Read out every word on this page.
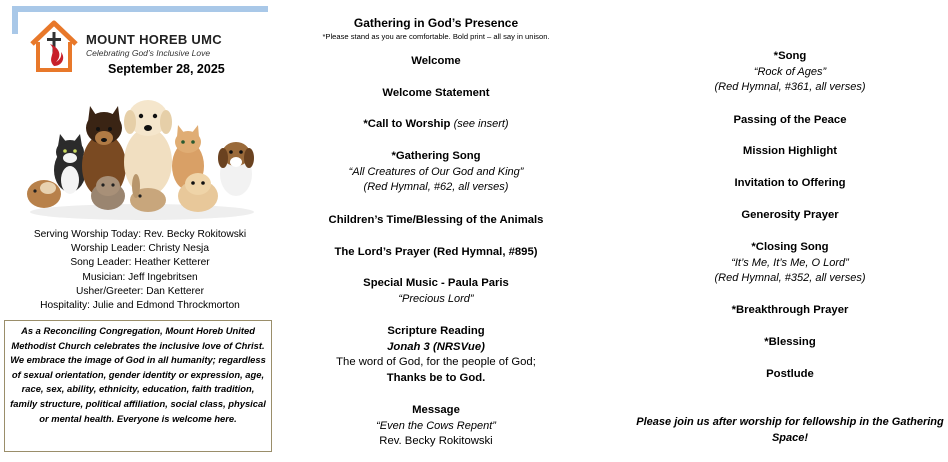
MOUNT HOREB UMC
Celebrating God’s Inclusive Love
September 28, 2025
Serving Worship Today: Rev. Becky Rokitowski
Worship Leader: Christy Nesja
Song Leader: Heather Ketterer
Musician: Jeff Ingebritsen
Usher/Greeter: Dan Ketterer
Hospitality: Julie and Edmond Throckmorton
As a Reconciling Congregation, Mount Horeb United Methodist Church celebrates the inclusive love of Christ. We embrace the image of God in all humanity; regardless of sexual orientation, gender identity or expression, age, race, sex, ability, ethnicity, education, faith tradition, family structure, political affiliation, social class, physical or mental health. Everyone is welcome here.
Gathering in God’s Presence
*Please stand as you are comfortable. Bold print – all say in unison.
Welcome
Welcome Statement
*Call to Worship (see insert)
*Gathering Song
“All Creatures of Our God and King”
(Red Hymnal, #62, all verses)
Children’s Time/Blessing of the Animals
The Lord’s Prayer (Red Hymnal, #895)
Special Music - Paula Paris
“Precious Lord”
Scripture Reading
Jonah 3 (NRSVue)
The word of God, for the people of God;
Thanks be to God.
Message
“Even the Cows Repent”
Rev. Becky Rokitowski
*Song
“Rock of Ages”
(Red Hymnal, #361, all verses)
Passing of the Peace
Mission Highlight
Invitation to Offering
Generosity Prayer
*Closing Song
“It’s Me, It’s Me, O Lord”
(Red Hymnal, #352, all verses)
*Breakthrough Prayer
*Blessing
Postlude
Please join us after worship for fellowship in the Gathering Space!
